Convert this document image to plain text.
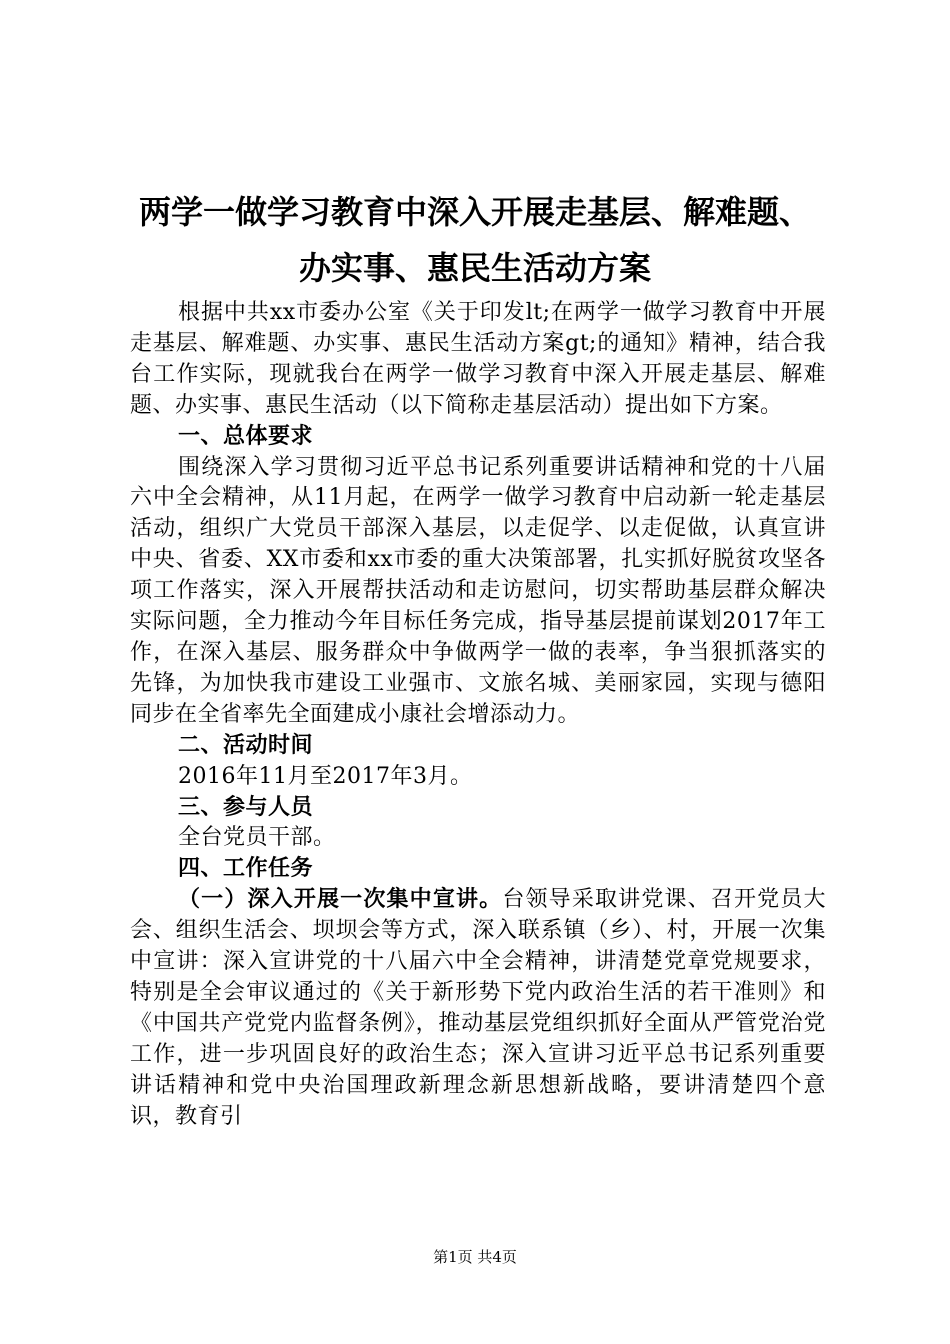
两学一做学习教育中深入开展走基层、解难题、
办实事、惠民生活动方案

根据中共xx市委办公室《关于印发lt;在两学一做学习教育中开展走基层、解难题、办实事、惠民生活动方案gt;的通知》精神，结合我台工作实际，现就我台在两学一做学习教育中深入开展走基层、解难题、办实事、惠民生活动（以下简称走基层活动）提出如下方案。

一、总体要求

围绕深入学习贯彻习近平总书记系列重要讲话精神和党的十八届六中全会精神，从11月起，在两学一做学习教育中启动新一轮走基层活动，组织广大党员干部深入基层，以走促学、以走促做，认真宣讲中央、省委、XX市委和xx市委的重大决策部署，扎实抓好脱贫攻坚各项工作落实，深入开展帮扶活动和走访慰问，切实帮助基层群众解决实际问题，全力推动今年目标任务完成，指导基层提前谋划2017年工作，在深入基层、服务群众中争做两学一做的表率，争当狠抓落实的先锋，为加快我市建设工业强市、文旅名城、美丽家园，实现与德阳同步在全省率先全面建成小康社会增添动力。

二、活动时间

2016年11月至2017年3月。

三、参与人员

全台党员干部。

四、工作任务

（一）深入开展一次集中宣讲。台领导采取讲党课、召开党员大会、组织生活会、坝坝会等方式，深入联系镇（乡）、村，开展一次集中宣讲：深入宣讲党的十八届六中全会精神，讲清楚党章党规要求，特别是全会审议通过的《关于新形势下党内政治生活的若干准则》和《中国共产党党内监督条例》，推动基层党组织抓好全面从严管党治党工作，进一步巩固良好的政治生态；深入宣讲习近平总书记系列重要讲话精神和党中央治国理政新理念新思想新战略，要讲清楚四个意识，教育引

第1页 共4页
